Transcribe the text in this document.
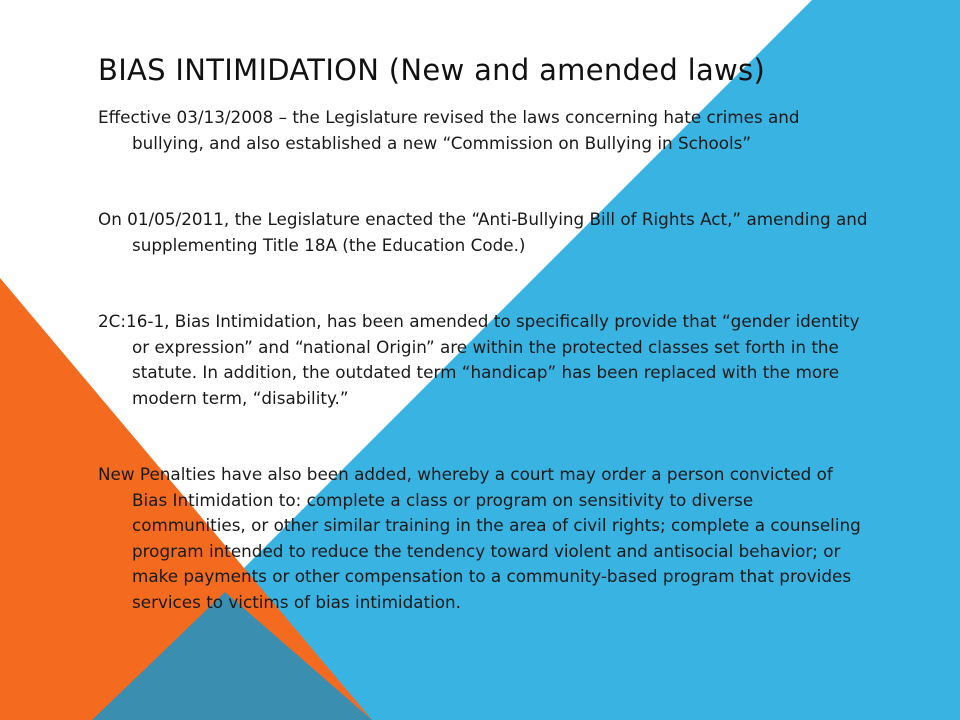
BIAS INTIMIDATION (New and amended laws)

Effective 03/13/2008 – the Legislature revised the laws concerning hate crimes and bullying, and also established a new “Commission on Bullying in Schools”

On 01/05/2011, the Legislature enacted the “Anti-Bullying Bill of Rights Act,” amending and supplementing Title 18A (the Education Code.)

2C:16-1, Bias Intimidation, has been amended to specifically provide that “gender identity or expression” and “national Origin” are within the protected classes set forth in the statute. In addition, the outdated term “handicap” has been replaced with the more modern term, “disability.”

New Penalties have also been added, whereby a court may order a person convicted of Bias Intimidation to: complete a class or program on sensitivity to diverse communities, or other similar training in the area of civil rights; complete a counseling program intended to reduce the tendency toward violent and antisocial behavior; or make payments or other compensation to a community-based program that provides services to victims of bias intimidation.
